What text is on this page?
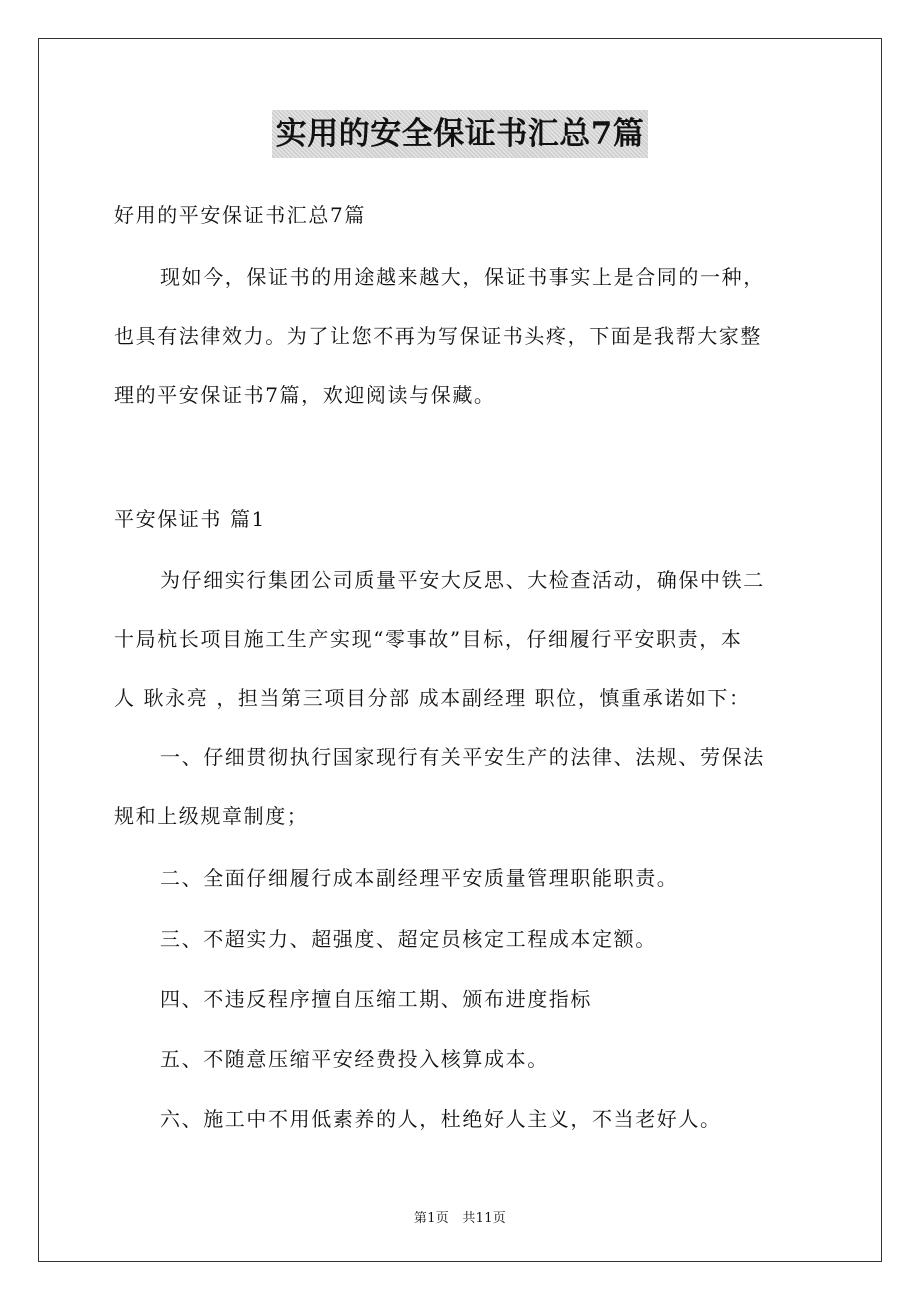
实用的安全保证书汇总7篇
好用的平安保证书汇总7篇
现如今，保证书的用途越来越大，保证书事实上是合同的一种，
也具有法律效力。为了让您不再为写保证书头疼，下面是我帮大家整
理的平安保证书7篇，欢迎阅读与保藏。
平安保证书 篇1
为仔细实行集团公司质量平安大反思、大检查活动，确保中铁二
十局杭长项目施工生产实现“零事故”目标，仔细履行平安职责，本
人 耿永亮 ，担当第三项目分部 成本副经理 职位，慎重承诺如下：
一、仔细贯彻执行国家现行有关平安生产的法律、法规、劳保法
规和上级规章制度；
二、全面仔细履行成本副经理平安质量管理职能职责。
三、不超实力、超强度、超定员核定工程成本定额。
四、不违反程序擅自压缩工期、颁布进度指标
五、不随意压缩平安经费投入核算成本。
六、施工中不用低素养的人，杜绝好人主义，不当老好人。
第1页   共11页
